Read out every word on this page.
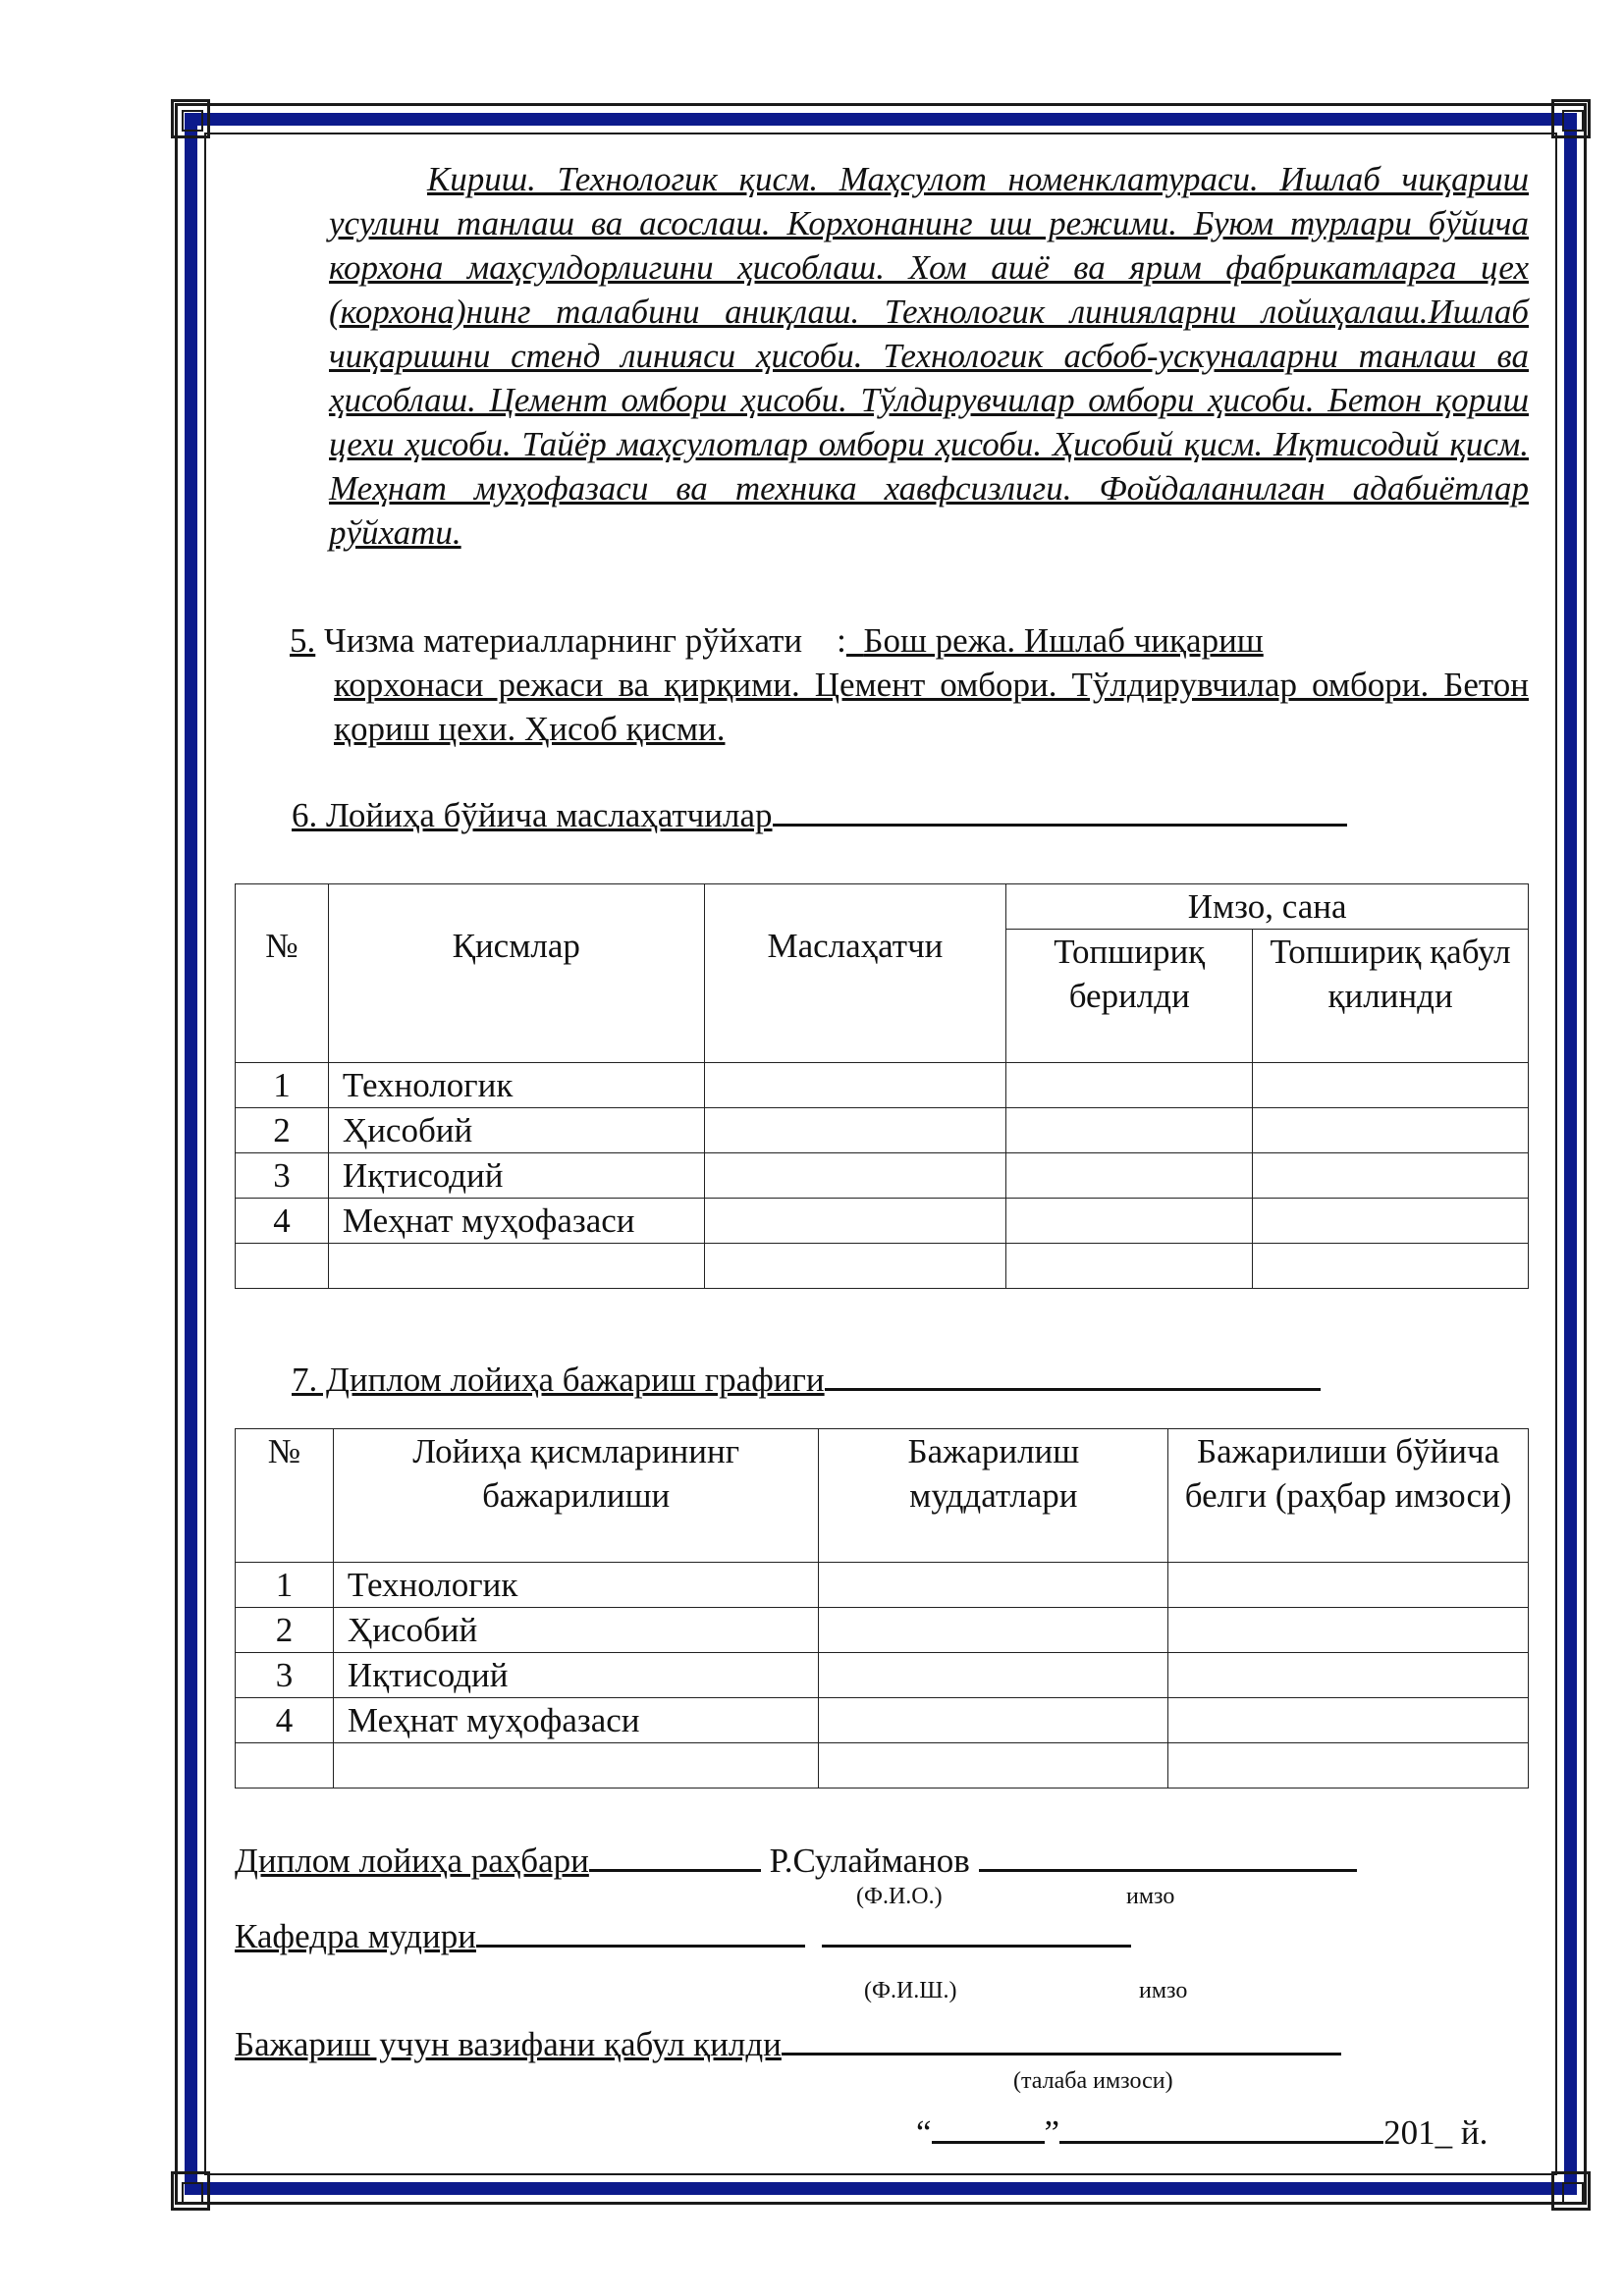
Кириш. Технологик қисм. Маҳсулот номенклатураси. Ишлаб чиқариш усулини танлаш ва асослаш. Корхонанинг иш режими. Буюм турлари бўйича корхона маҳсулдорлигини ҳисоблаш. Хом ашё ва ярим фабрикатларга цех (корхона)нинг талабини аниқлаш. Технологик линияларни лойиҳалаш.Ишлаб чиқаришни стенд линияси ҳисоби. Технологик асбоб-ускуналарни танлаш ва ҳисоблаш. Цемент омбори ҳисоби. Тўлдирувчилар омбори ҳисоби. Бетон қориш цехи ҳисоби. Тайёр маҳсулотлар омбори ҳисоби. Ҳисобий қисм. Иқтисодий қисм. Меҳнат муҳофазаси ва техника хавфсизлиги. Фойдаланилган адабиётлар рўйхати.
5. Чизма материалларнинг рўйхати : Бош режа. Ишлаб чиқариш
корхонаси режаси ва қирқими. Цемент омбори. Тўлдирувчилар омбори. Бетон қориш цехи. Ҳисоб қисми.
6. Лойиҳа бўйича маслаҳатчилар
№	Қисмлар	Маслаҳатчи	Имзо, сана	
			Топшириқ берилди	Топшириқ қабул қилинди
1	Технологик			
2	Ҳисобий			
3	Иқтисодий			
4	Меҳнат муҳофазаси			

7. Диплом лойиҳа бажариш графиги
№	Лойиҳа қисмларининг бажарилиши	Бажарилиш муддатлари	Бажарилиши бўйича белги (раҳбар имзоси)
1	Технологик		
2	Ҳисобий		
3	Иқтисодий		
4	Меҳнат муҳофазаси		

Диплом лойиҳа раҳбари	Р.Сулайманов
(Ф.И.О.)	имзо
Кафедра мудири
(Ф.И.Ш.)	имзо
Бажариш учун вазифани қабул қилди
(талаба имзоси)
“	”	201_ й.
